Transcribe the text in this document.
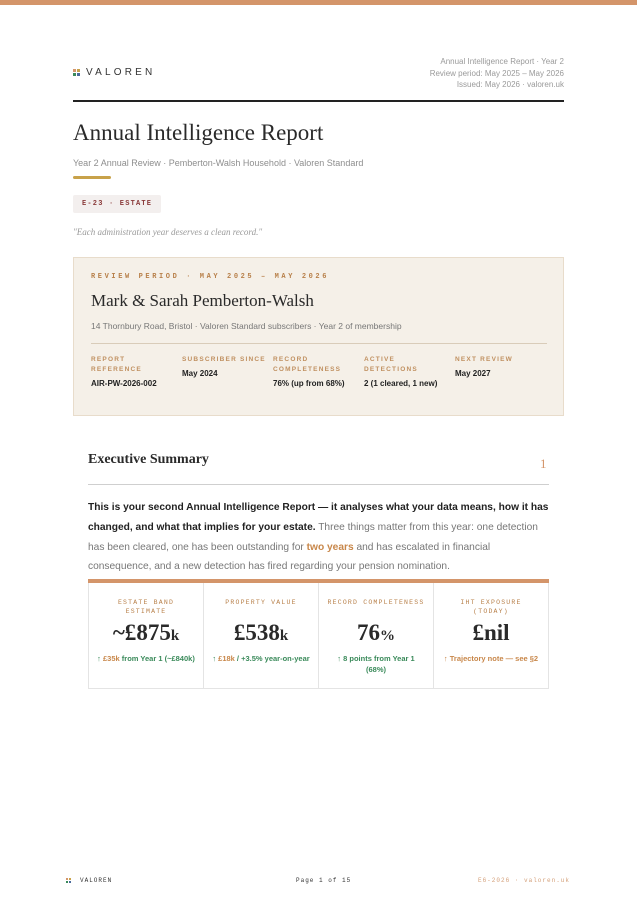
VALOREN
Annual Intelligence Report · Year 2
Review period: May 2025 – May 2026
Issued: May 2026 · valoren.uk
Annual Intelligence Report
Year 2 Annual Review · Pemberton-Walsh Household · Valoren Standard
E-23 · ESTATE
"Each administration year deserves a clean record."
REVIEW PERIOD · MAY 2025 – MAY 2026
Mark & Sarah Pemberton-Walsh
14 Thornbury Road, Bristol · Valoren Standard subscribers · Year 2 of membership
REPORT REFERENCE
AIR-PW-2026-002
SUBSCRIBER SINCE
May 2024
RECORD COMPLETENESS
76% (up from 68%)
ACTIVE DETECTIONS
2 (1 cleared, 1 new)
NEXT REVIEW
May 2027
Executive Summary	1

This is your second Annual Intelligence Report — it analyses what your data means, how it has changed, and what that implies for your estate. Three things matter from this year: one detection has been cleared, one has been outstanding for two years and has escalated in financial consequence, and a new detection has fired regarding your pension nomination.

ESTATE BAND ESTIMATE
~£875k
↑ £35k from Year 1 (~£840k)
PROPERTY VALUE
£538k
↑ £18k / +3.5% year-on-year
RECORD COMPLETENESS
76%
↑ 8 points from Year 1 (68%)
IHT EXPOSURE (TODAY)
£nil
↑ Trajectory note — see §2
VALOREN	Page 1 of 15	E6-2026 · valoren.uk
